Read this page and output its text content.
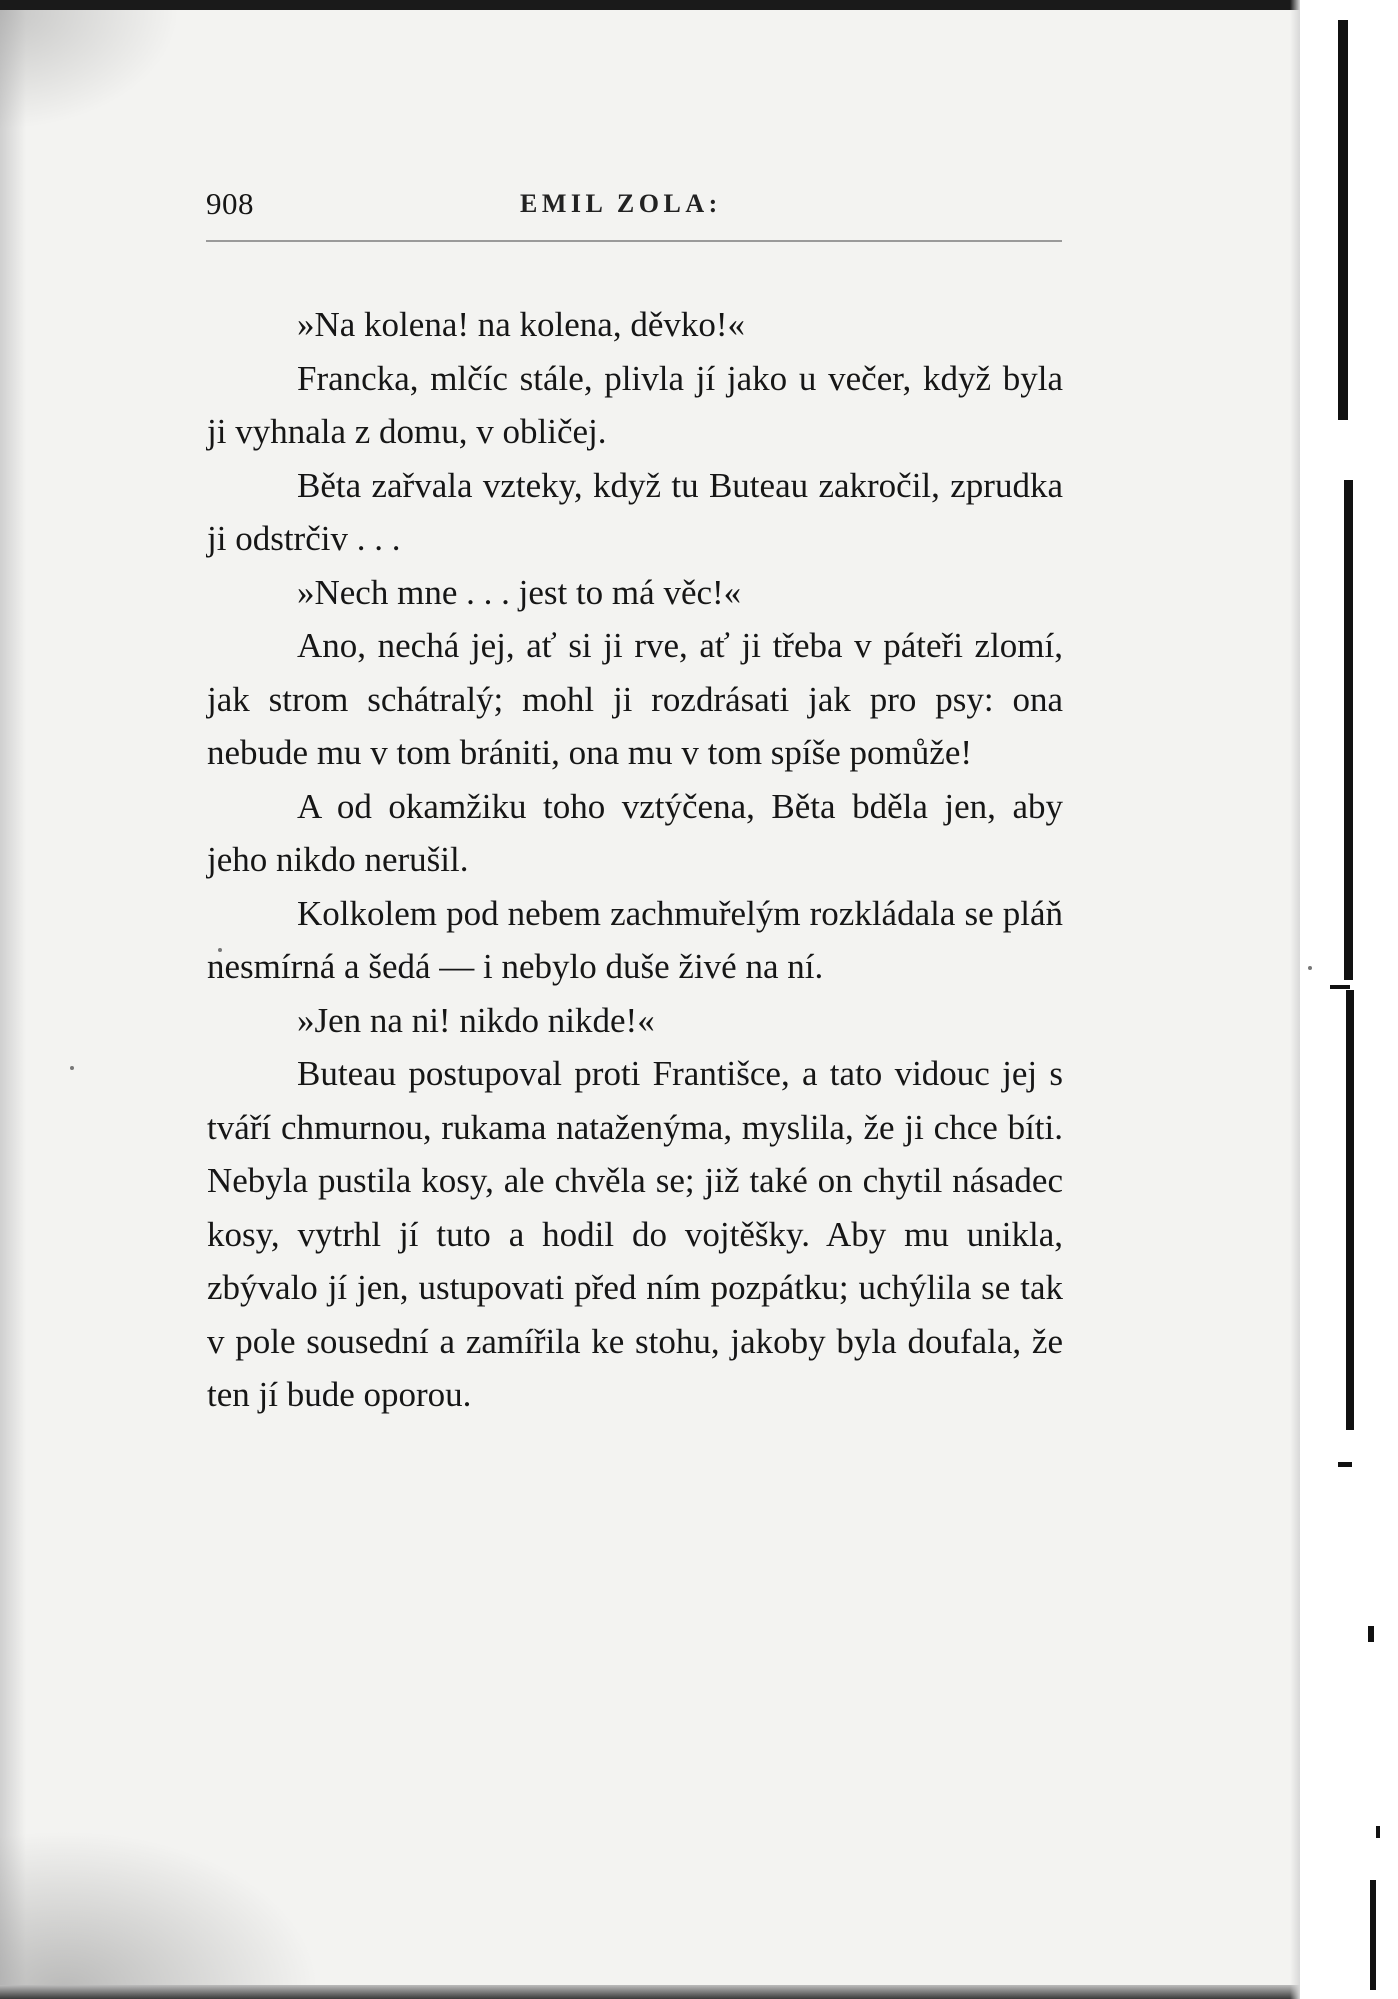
908	EMIL ZOLA:

»Na kolena! na kolena, děvko!«

Francka, mlčíc stále, plivla jí jako u večer, když byla ji vyhnala z domu, v obličej.

Běta zařvala vzteky, když tu Buteau zakročil, zprudka ji odstrčiv . . .

»Nech mne . . . jest to má věc!«

Ano, nechá jej, ať si ji rve, ať ji třeba v páteři zlomí, jak strom schátralý; mohl ji rozdrásati jak pro psy: ona nebude mu v tom brániti, ona mu v tom spíše pomůže!

A od okamžiku toho vztýčena, Běta bděla jen, aby jeho nikdo nerušil.

Kolkolem pod nebem zachmuřelým rozkládala se pláň nesmírná a šedá — i nebylo duše živé na ní.

»Jen na ni! nikdo nikde!«

Buteau postupoval proti Františce, a tato vidouc jej s tváří chmurnou, rukama nataženýma, myslila, že ji chce bíti. Nebyla pustila kosy, ale chvěla se; již také on chytil násadec kosy, vytrhl jí tuto a hodil do vojtěšky. Aby mu unikla, zbývalo jí jen, ustupovati před ním pozpátku; uchýlila se tak v pole sousední a zamířila ke stohu, jakoby byla doufala, že ten jí bude oporou.
